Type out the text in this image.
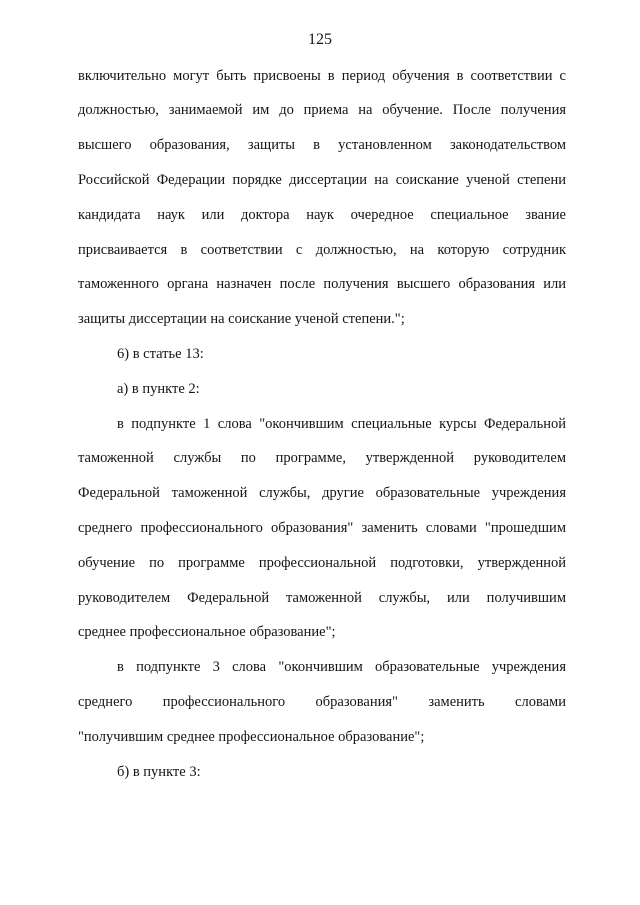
125
включительно могут быть присвоены в период обучения в соответствии с
должностью, занимаемой им до приема на обучение. После получения
высшего образования, защиты в установленном законодательством
Российской Федерации порядке диссертации на соискание ученой степени
кандидата наук или доктора наук очередное специальное звание
присваивается в соответствии с должностью, на которую сотрудник
таможенного органа назначен после получения высшего образования или
защиты диссертации на соискание ученой степени.";
6) в статье 13:
а) в пункте 2:
в подпункте 1 слова "окончившим специальные курсы Федеральной
таможенной службы по программе, утвержденной руководителем
Федеральной таможенной службы, другие образовательные учреждения
среднего профессионального образования" заменить словами "прошедшим
обучение по программе профессиональной подготовки, утвержденной
руководителем Федеральной таможенной службы, или получившим
среднее профессиональное образование";
в подпункте 3 слова "окончившим образовательные учреждения
среднего профессионального образования" заменить словами
"получившим среднее профессиональное образование";
б) в пункте 3:
